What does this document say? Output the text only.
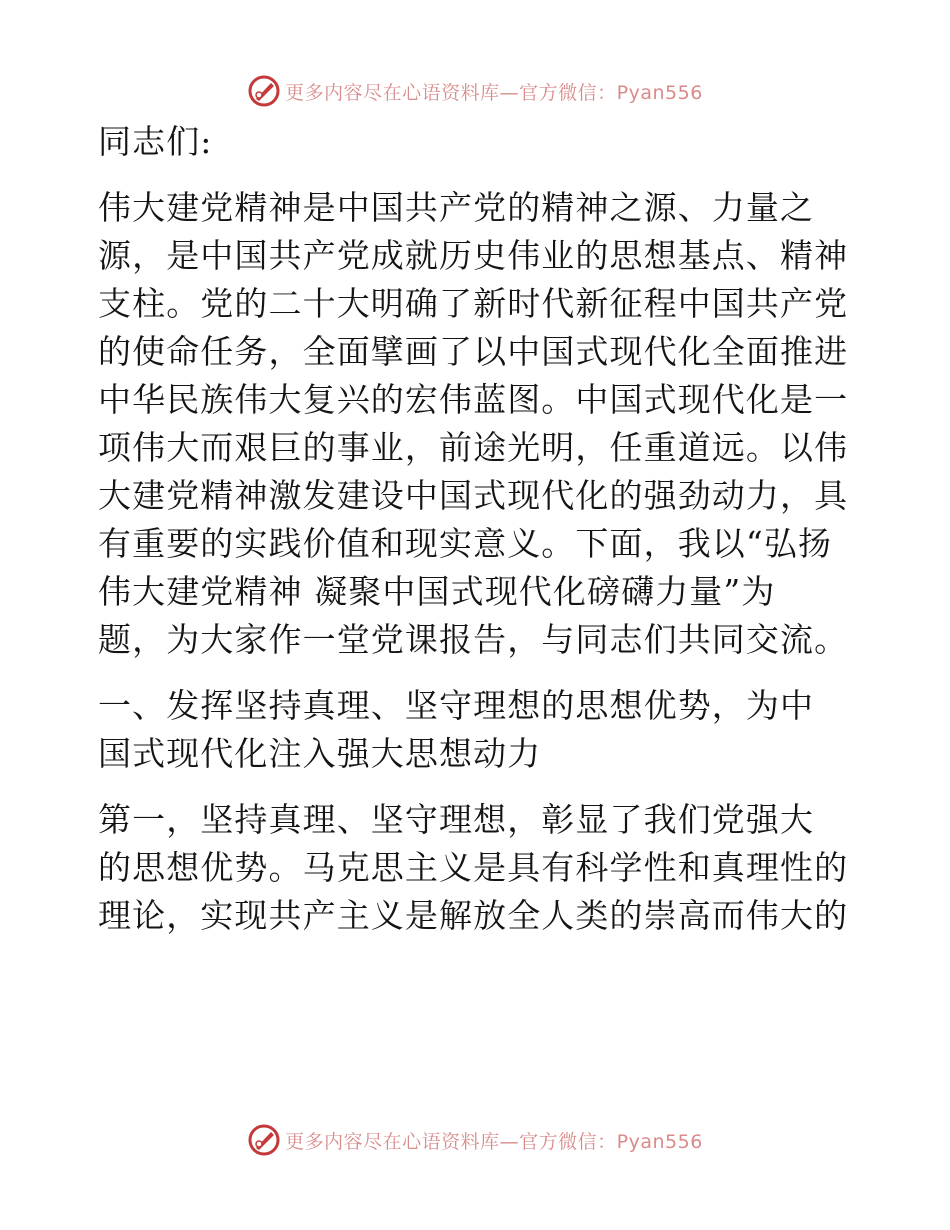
更多内容尽在心语资料库—官方微信：Pyan556

同志们:

伟大建党精神是中国共产党的精神之源、力量之
源，是中国共产党成就历史伟业的思想基点、精神
支柱。党的二十大明确了新时代新征程中国共产党
的使命任务，全面擘画了以中国式现代化全面推进
中华民族伟大复兴的宏伟蓝图。中国式现代化是一
项伟大而艰巨的事业，前途光明，任重道远。以伟
大建党精神激发建设中国式现代化的强劲动力，具
有重要的实践价值和现实意义。下面，我以“弘扬
伟大建党精神 凝聚中国式现代化磅礴力量”为
题，为大家作一堂党课报告，与同志们共同交流。

一、发挥坚持真理、坚守理想的思想优势，为中
国式现代化注入强大思想动力

第一，坚持真理、坚守理想，彰显了我们党强大
的思想优势。马克思主义是具有科学性和真理性的
理论，实现共产主义是解放全人类的崇高而伟大的

更多内容尽在心语资料库—官方微信：Pyan556
